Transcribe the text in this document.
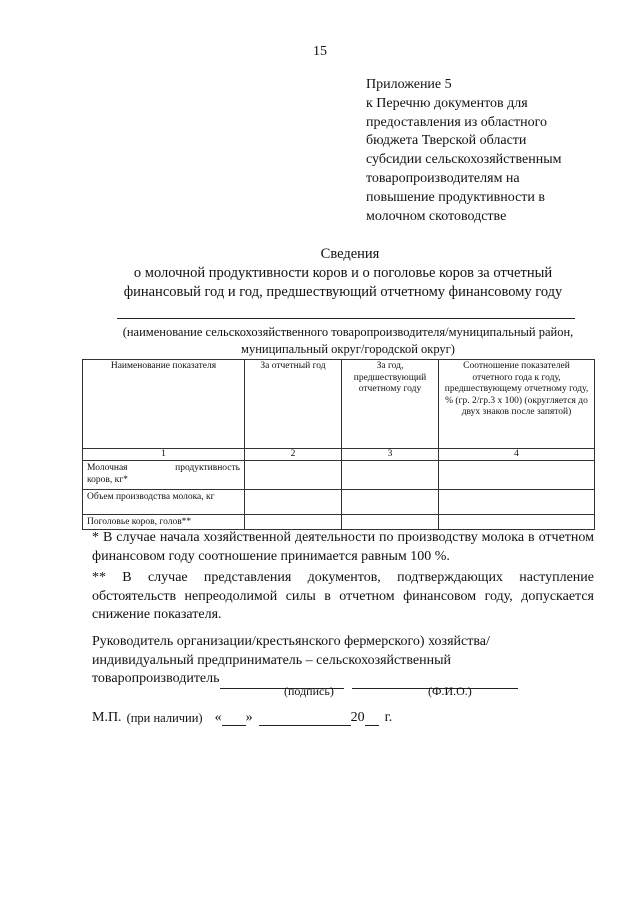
15
Приложение 5
к Перечню документов для
предоставления из областного
бюджета Тверской области
субсидии сельскохозяйственным
товаропроизводителям на
повышение продуктивности в
молочном скотоводстве
Сведения
о молочной продуктивности коров и о поголовье коров за отчетный
финансовый год и год, предшествующий отчетному финансовому году
(наименование сельскохозяйственного товаропроизводителя/муниципальный район,
муниципальный округ/городской округ)
Наименование показателя	За отчетный год	За год, предшествующий отчетному году	Соотношение показателей отчетного года к году, предшествующему отчетному году, % (гр. 2/гр.3 х 100) (округляется до двух знаков после запятой)
1	2	3	4

Молочная продуктивность
коров, кг*			

Объем производства молока, кг			
Поголовье коров, голов**			

* В случае начала хозяйственной деятельности по производству молока в отчетном финансовом году соотношение принимается равным 100 %.

** В случае представления документов, подтверждающих наступление обстоятельств непреодолимой силы в отчетном финансовом году, допускается снижение показателя.

Руководитель организации/крестьянского фермерского) хозяйства/
индивидуальный предприниматель – сельскохозяйственный
товаропроизводитель
(подпись)	(Ф.И.О.)
М.П. (при наличии) « »	20 г.
